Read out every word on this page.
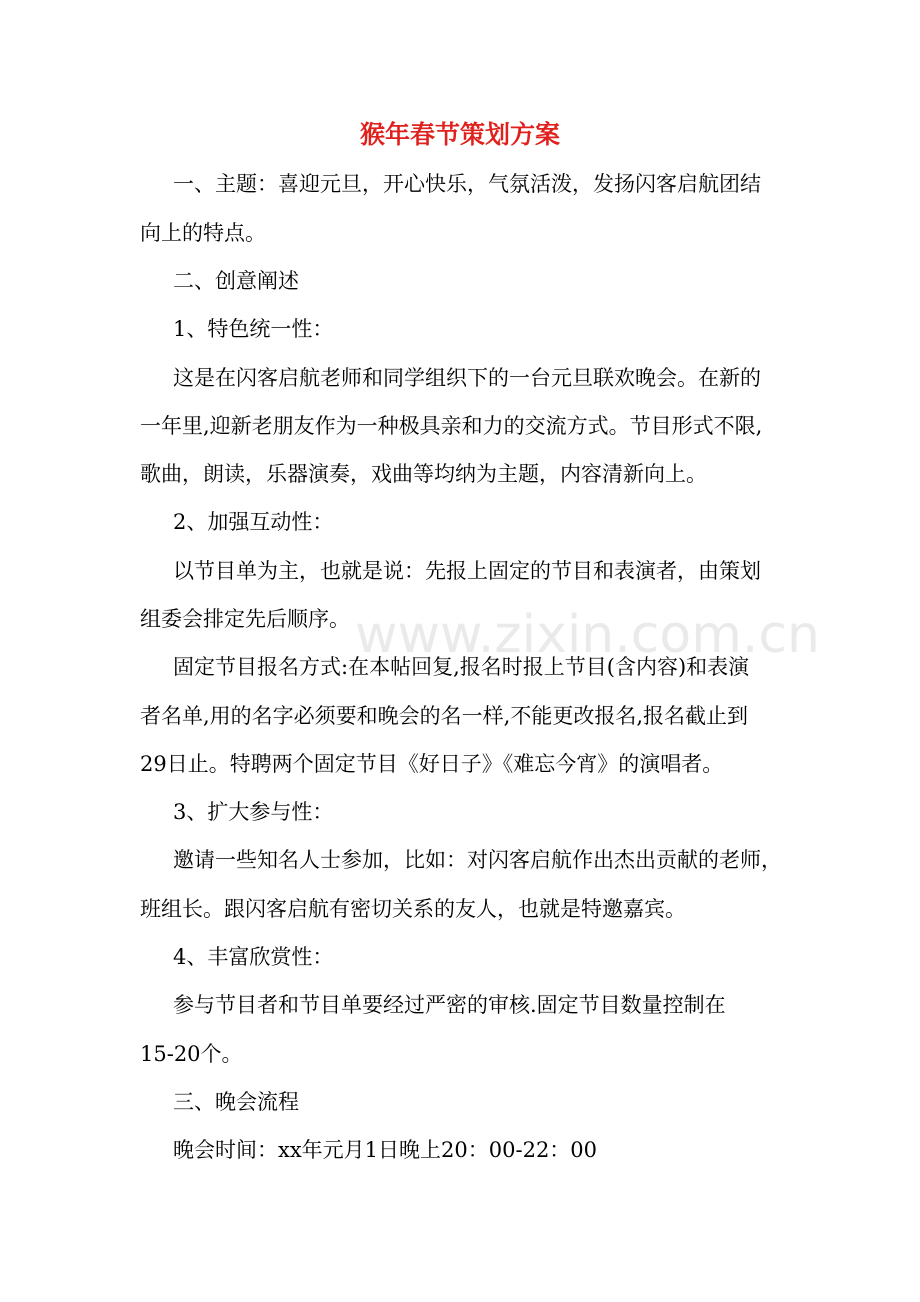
猴年春节策划方案

一、主题：喜迎元旦，开心快乐，气氛活泼，发扬闪客启航团结

向上的特点。

二、创意阐述

1、特色统一性：

这是在闪客启航老师和同学组织下的一台元旦联欢晚会。在新的

一年里,迎新老朋友作为一种极具亲和力的交流方式。节目形式不限,

歌曲，朗读，乐器演奏，戏曲等均纳为主题，内容清新向上。

2、加强互动性：

以节目单为主，也就是说：先报上固定的节目和表演者，由策划

组委会排定先后顺序。

固定节目报名方式:在本帖回复,报名时报上节目(含内容)和表演

者名单,用的名字必须要和晚会的名一样,不能更改报名,报名截止到

29日止。特聘两个固定节目《好日子》《难忘今宵》的演唱者。

3、扩大参与性：

邀请一些知名人士参加，比如：对闪客启航作出杰出贡献的老师，

班组长。跟闪客启航有密切关系的友人，也就是特邀嘉宾。

4、丰富欣赏性：

参与节目者和节目单要经过严密的审核.固定节目数量控制在

15-20个。

三、晚会流程

晚会时间：xx年元月1日晚上20：00-22：00

www.zixin.com.cn
